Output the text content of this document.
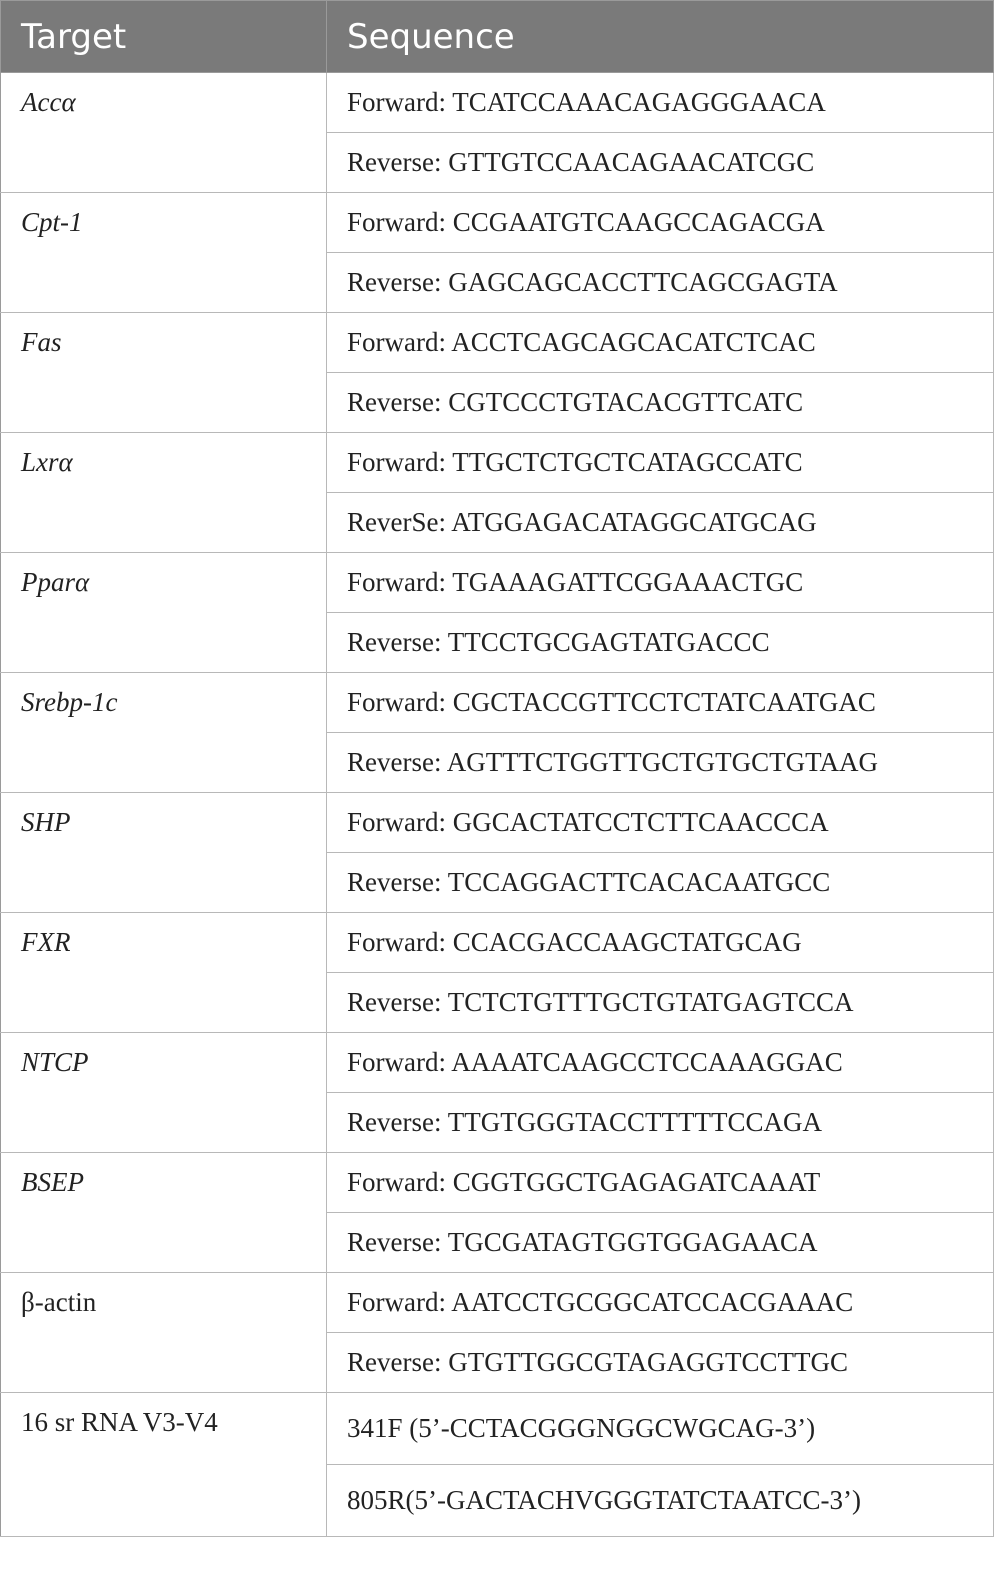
Target	Sequence
Accα	Forward: TCATCCAAACAGAGGGAACA
	Reverse: GTTGTCCAACAGAACATCGC
Cpt-1	Forward: CCGAATGTCAAGCCAGACGA
	Reverse: GAGCAGCACCTTCAGCGAGTA
Fas	Forward: ACCTCAGCAGCACATCTCAC
	Reverse: CGTCCCTGTACACGTTCATC
Lxrα	Forward: TTGCTCTGCTCATAGCCATC
	ReverSe: ATGGAGACATAGGCATGCAG
Pparα	Forward: TGAAAGATTCGGAAACTGC
	Reverse: TTCCTGCGAGTATGACCC
Srebp-1c	Forward: CGCTACCGTTCCTCTATCAATGAC
	Reverse: AGTTTCTGGTTGCTGTGCTGTAAG
SHP	Forward: GGCACTATCCTCTTCAACCCA
	Reverse: TCCAGGACTTCACACAATGCC
FXR	Forward: CCACGACCAAGCTATGCAG
	Reverse: TCTCTGTTTGCTGTATGAGTCCA
NTCP	Forward: AAAATCAAGCCTCCAAAGGAC
	Reverse: TTGTGGGTACCTTTTTCCAGA
BSEP	Forward: CGGTGGCTGAGAGATCAAAT
	Reverse: TGCGATAGTGGTGGAGAACA
β-actin	Forward: AATCCTGCGGCATCCACGAAAC
	Reverse: GTGTTGGCGTAGAGGTCCTTGC
16 sr RNA V3-V4	341F (5’-CCTACGGGNGGCWGCAG-3’)
	805R(5’-GACTACHVGGGTATCTAATCC-3’)
